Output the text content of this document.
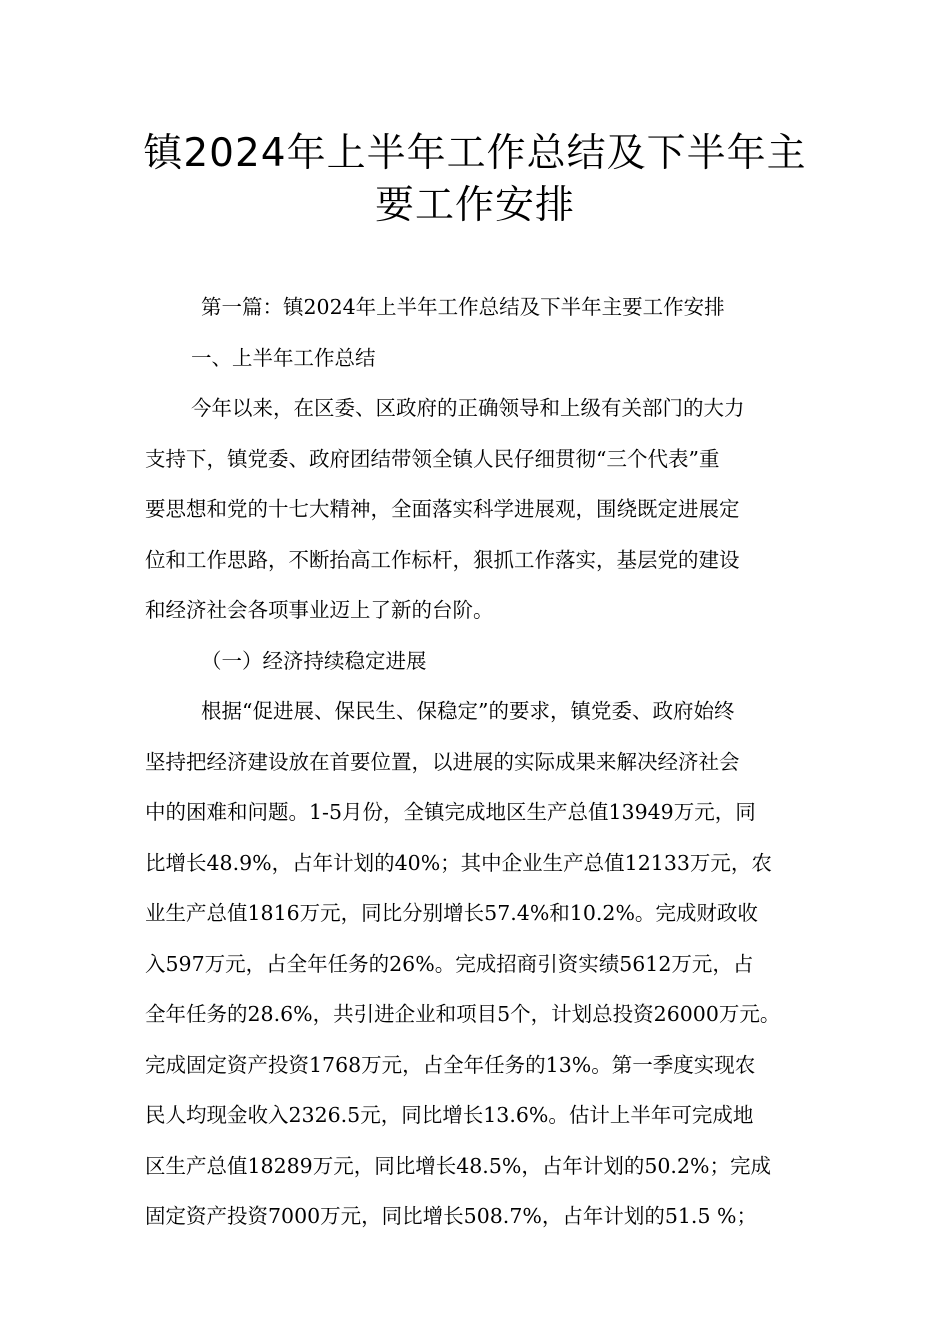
镇2024年上半年工作总结及下半年主
要工作安排
第一篇：镇2024年上半年工作总结及下半年主要工作安排
一、上半年工作总结
今年以来，在区委、区政府的正确领导和上级有关部门的大力
支持下，镇党委、政府团结带领全镇人民仔细贯彻“三个代表”重
要思想和党的十七大精神，全面落实科学进展观，围绕既定进展定
位和工作思路，不断抬高工作标杆，狠抓工作落实，基层党的建设
和经济社会各项事业迈上了新的台阶。
（一）经济持续稳定进展
根据“促进展、保民生、保稳定”的要求，镇党委、政府始终
坚持把经济建设放在首要位置，以进展的实际成果来解决经济社会
中的困难和问题。1-5月份，全镇完成地区生产总值13949万元，同
比增长48.9%，占年计划的40%；其中企业生产总值12133万元，农
业生产总值1816万元，同比分别增长57.4%和10.2%。完成财政收
入597万元，占全年任务的26%。完成招商引资实绩5612万元，占
全年任务的28.6%，共引进企业和项目5个，计划总投资26000万元。
完成固定资产投资1768万元，占全年任务的13%。第一季度实现农
民人均现金收入2326.5元，同比增长13.6%。估计上半年可完成地
区生产总值18289万元，同比增长48.5%，占年计划的50.2%；完成
固定资产投资7000万元，同比增长508.7%，占年计划的51.5 %；
